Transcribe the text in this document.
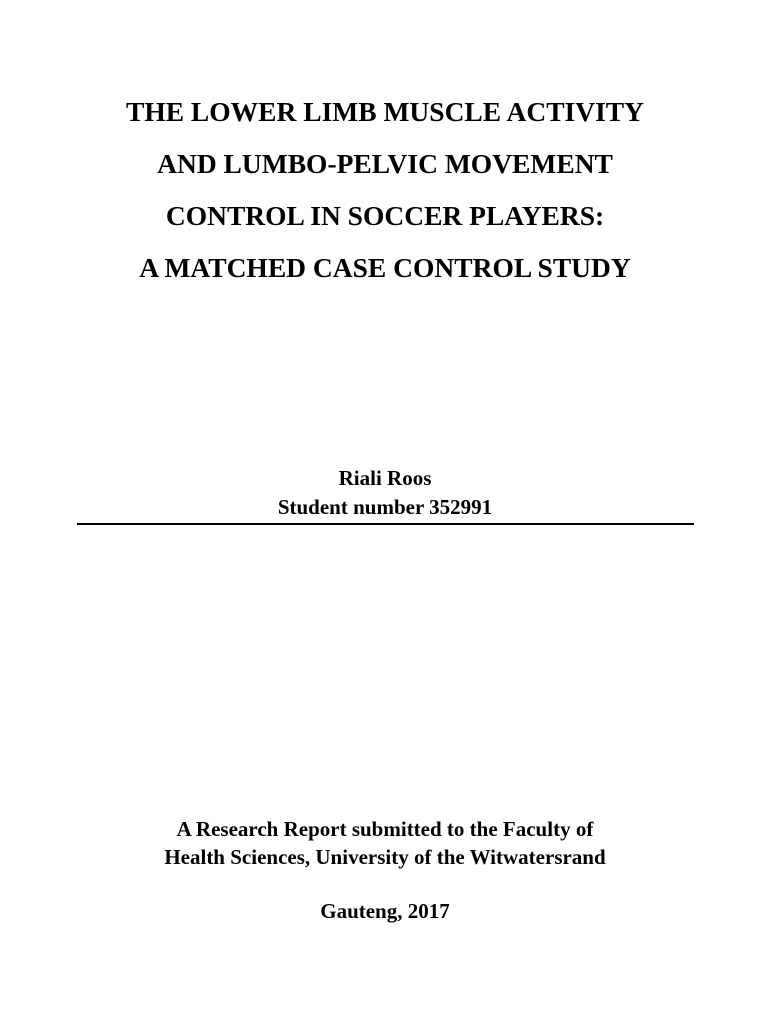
THE LOWER LIMB MUSCLE ACTIVITY
AND LUMBO-PELVIC MOVEMENT
CONTROL IN SOCCER PLAYERS:
A MATCHED CASE CONTROL STUDY
Riali Roos
Student number 352991
A Research Report submitted to the Faculty of
Health Sciences, University of the Witwatersrand
Gauteng, 2017
